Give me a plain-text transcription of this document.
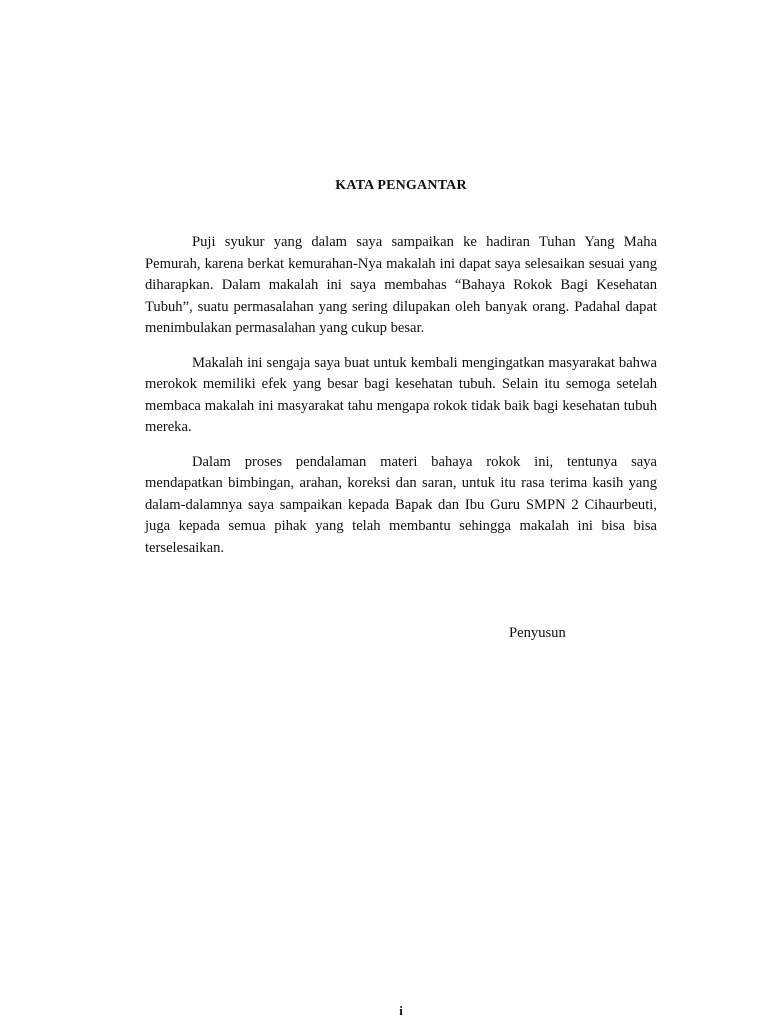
KATA PENGANTAR

Puji syukur yang dalam saya sampaikan ke hadiran Tuhan Yang Maha Pemurah, karena berkat kemurahan-Nya makalah ini dapat saya selesaikan sesuai yang diharapkan. Dalam makalah ini saya membahas “Bahaya Rokok Bagi Kesehatan Tubuh”, suatu permasalahan yang sering dilupakan oleh banyak orang. Padahal dapat menimbulakan permasalahan yang cukup besar.

Makalah ini sengaja saya buat untuk kembali mengingatkan masyarakat bahwa merokok memiliki efek yang besar bagi kesehatan tubuh. Selain itu semoga setelah membaca makalah ini masyarakat tahu mengapa rokok tidak baik bagi kesehatan tubuh mereka.

Dalam proses pendalaman materi bahaya rokok ini, tentunya saya mendapatkan bimbingan, arahan, koreksi dan saran, untuk itu rasa terima kasih yang dalam-dalamnya saya sampaikan kepada Bapak dan Ibu Guru SMPN 2 Cihaurbeuti, juga kepada semua pihak yang telah membantu sehingga makalah ini bisa bisa terselesaikan.

Penyusun
i
